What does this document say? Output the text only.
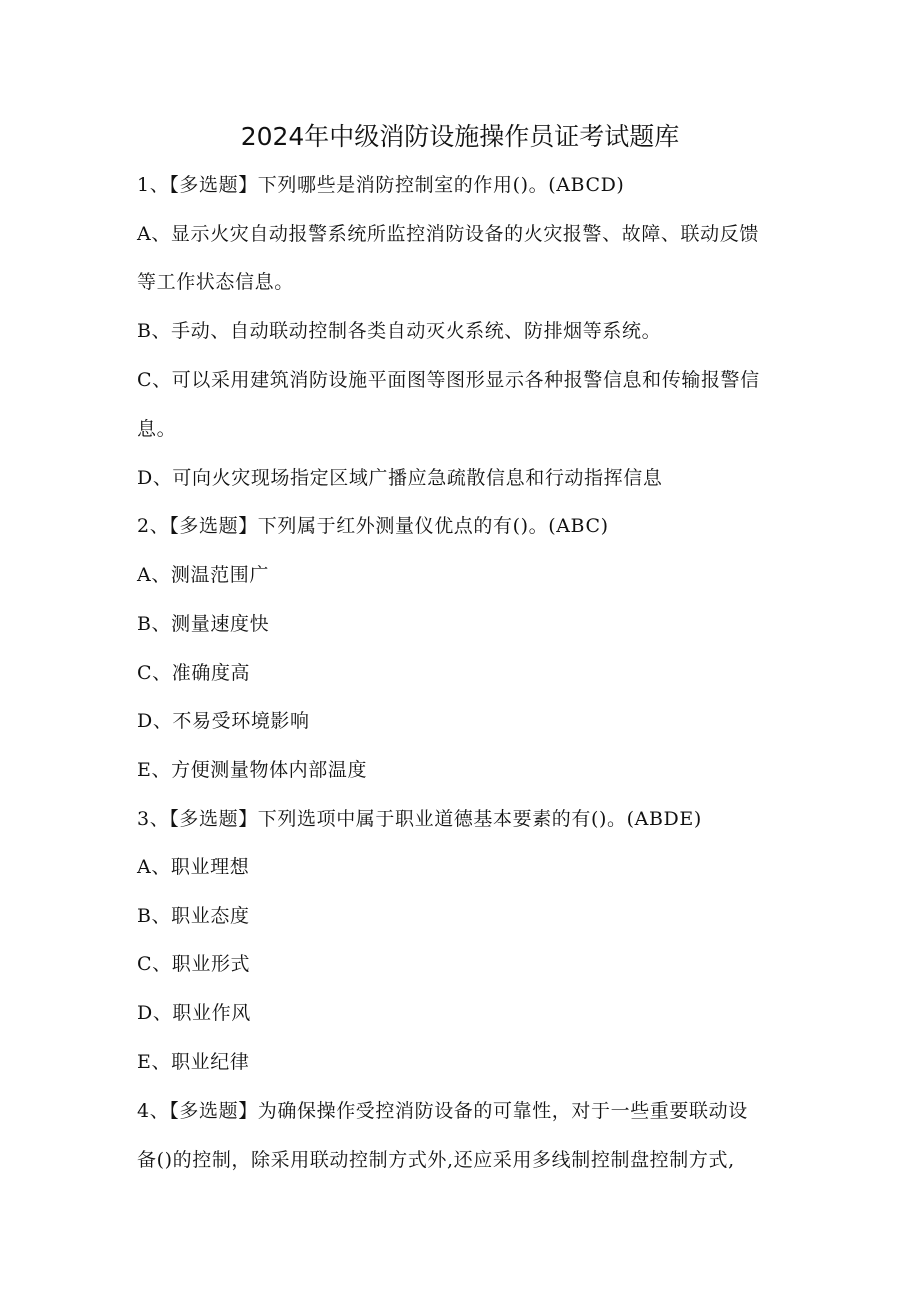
2024年中级消防设施操作员证考试题库
1、【多选题】下列哪些是消防控制室的作用()。(ABCD)
A、显示火灾自动报警系统所监控消防设备的火灾报警、故障、联动反馈
等工作状态信息。
B、手动、自动联动控制各类自动灭火系统、防排烟等系统。
C、可以采用建筑消防设施平面图等图形显示各种报警信息和传输报警信
息。
D、可向火灾现场指定区域广播应急疏散信息和行动指挥信息
2、【多选题】下列属于红外测量仪优点的有()。(ABC)
A、测温范围广
B、测量速度快
C、准确度高
D、不易受环境影响
E、方便测量物体内部温度
3、【多选题】下列选项中属于职业道德基本要素的有()。(ABDE)
A、职业理想
B、职业态度
C、职业形式
D、职业作风
E、职业纪律
4、【多选题】为确保操作受控消防设备的可靠性，对于一些重要联动设
备()的控制，除采用联动控制方式外,还应采用多线制控制盘控制方式,
